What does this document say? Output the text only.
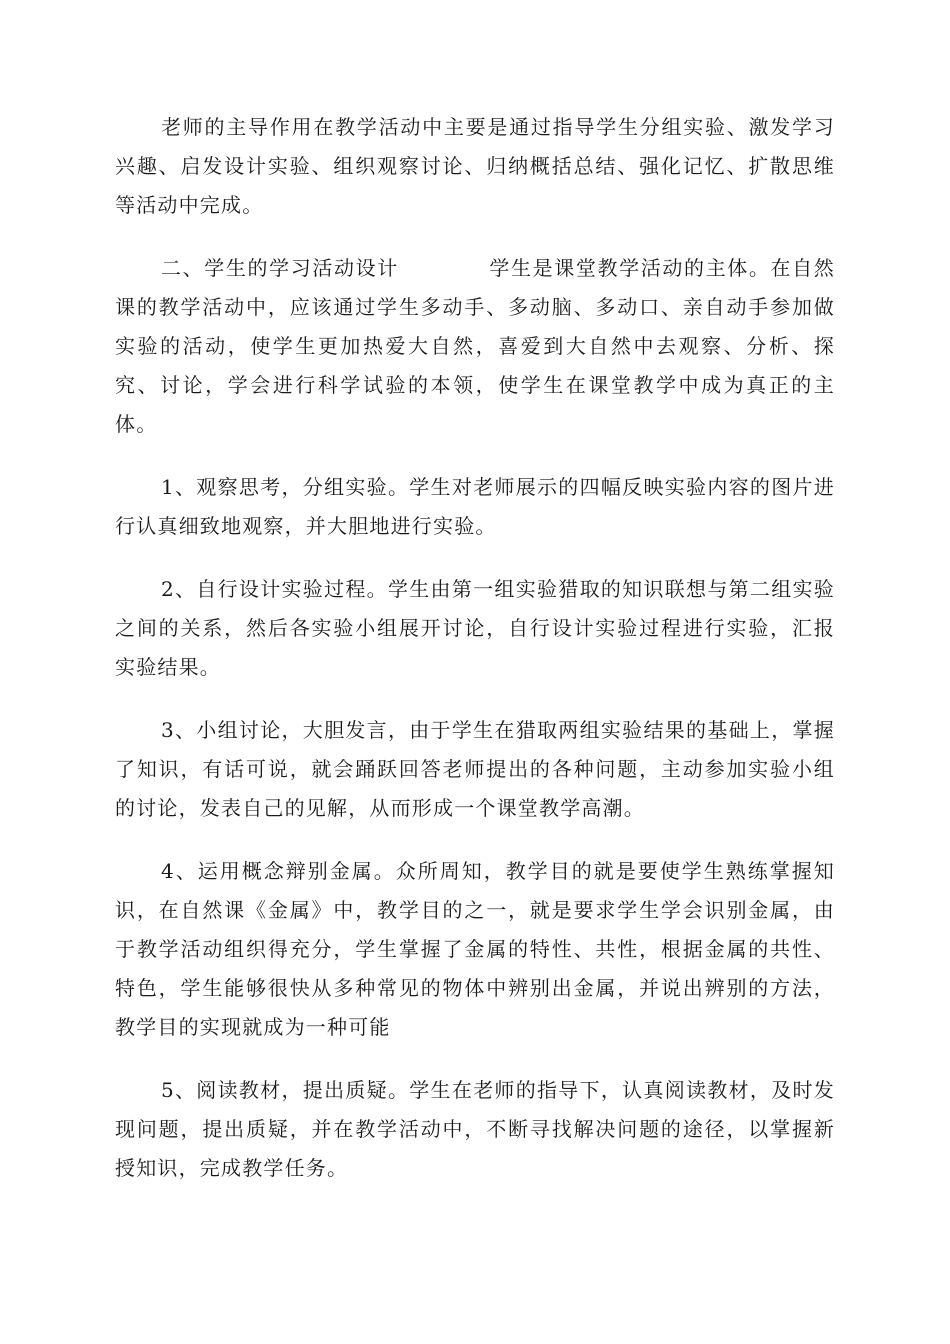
老师的主导作用在教学活动中主要是通过指导学生分组实验、激发学习兴趣、启发设计实验、组织观察讨论、归纳概括总结、强化记忆、扩散思维等活动中完成。

二、学生的学习活动设计	学生是课堂教学活动的主体。在自然课的教学活动中，应该通过学生多动手、多动脑、多动口、亲自动手参加做实验的活动，使学生更加热爱大自然，喜爱到大自然中去观察、分析、探究、讨论，学会进行科学试验的本领，使学生在课堂教学中成为真正的主体。

1、观察思考，分组实验。学生对老师展示的四幅反映实验内容的图片进行认真细致地观察，并大胆地进行实验。

2、自行设计实验过程。学生由第一组实验猎取的知识联想与第二组实验之间的关系，然后各实验小组展开讨论，自行设计实验过程进行实验，汇报实验结果。

3、小组讨论，大胆发言，由于学生在猎取两组实验结果的基础上，掌握了知识，有话可说，就会踊跃回答老师提出的各种问题，主动参加实验小组的讨论，发表自己的见解，从而形成一个课堂教学高潮。

4、运用概念辩别金属。众所周知，教学目的就是要使学生熟练掌握知识，在自然课《金属》中，教学目的之一，就是要求学生学会识别金属，由于教学活动组织得充分，学生掌握了金属的特性、共性，根据金属的共性、特色，学生能够很快从多种常见的物体中辨别出金属，并说出辨别的方法，教学目的实现就成为一种可能

5、阅读教材，提出质疑。学生在老师的指导下，认真阅读教材，及时发现问题，提出质疑，并在教学活动中，不断寻找解决问题的途径，以掌握新授知识，完成教学任务。
